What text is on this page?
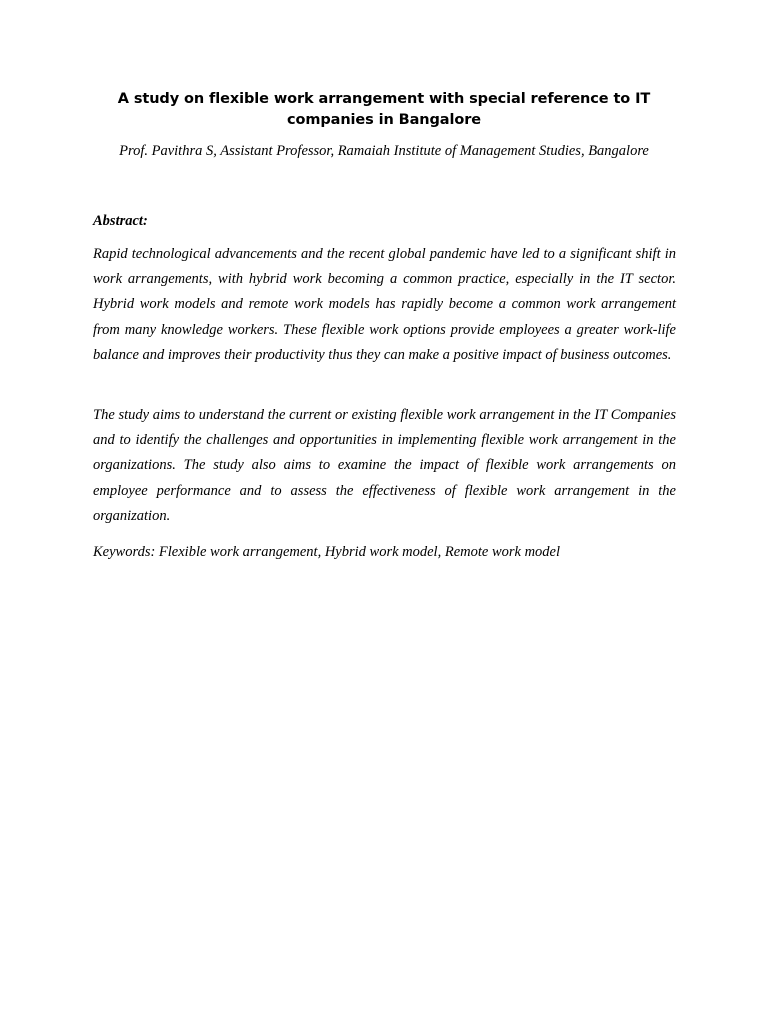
A study on flexible work arrangement with special reference to IT companies in Bangalore
Prof. Pavithra S, Assistant Professor, Ramaiah Institute of Management Studies, Bangalore
Abstract:

Rapid technological advancements and the recent global pandemic have led to a significant shift in work arrangements, with hybrid work becoming a common practice, especially in the IT sector. Hybrid work models and remote work models has rapidly become a common work arrangement from many knowledge workers. These flexible work options provide employees a greater work-life balance and improves their productivity thus they can make a positive impact of business outcomes.

The study aims to understand the current or existing flexible work arrangement in the IT Companies and to identify the challenges and opportunities in implementing flexible work arrangement in the organizations. The study also aims to examine the impact of flexible work arrangements on employee performance and to assess the effectiveness of flexible work arrangement in the organization.

Keywords: Flexible work arrangement, Hybrid work model, Remote work model
